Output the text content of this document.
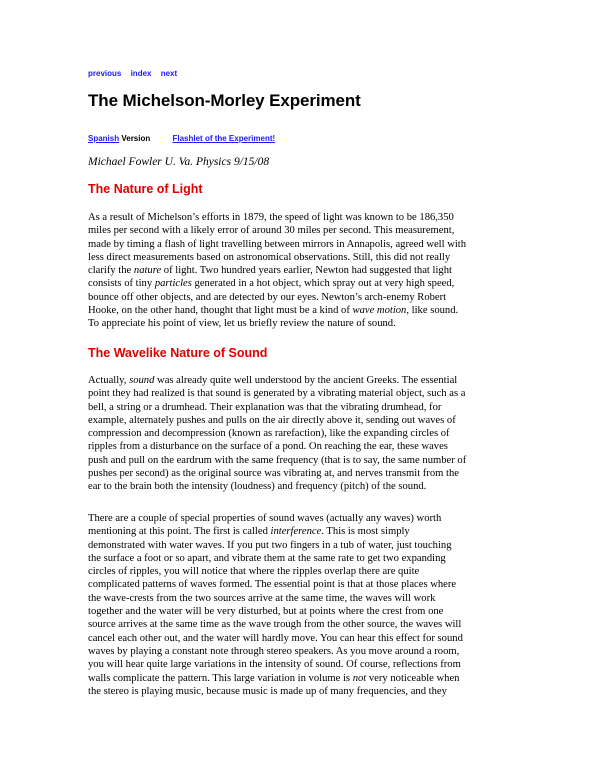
previous index next
The Michelson-Morley Experiment
Spanish Version	Flashlet of the Experiment!
Michael Fowler U. Va. Physics 9/15/08
The Nature of Light
As a result of Michelson’s efforts in 1879, the speed of light was known to be 186,350
miles per second with a likely error of around 30 miles per second. This measurement,
made by timing a flash of light travelling between mirrors in Annapolis, agreed well with
less direct measurements based on astronomical observations. Still, this did not really
clarify the nature of light. Two hundred years earlier, Newton had suggested that light
consists of tiny particles generated in a hot object, which spray out at very high speed,
bounce off other objects, and are detected by our eyes. Newton’s arch-enemy Robert
Hooke, on the other hand, thought that light must be a kind of wave motion, like sound.
To appreciate his point of view, let us briefly review the nature of sound.
The Wavelike Nature of Sound
Actually, sound was already quite well understood by the ancient Greeks. The essential
point they had realized is that sound is generated by a vibrating material object, such as a
bell, a string or a drumhead. Their explanation was that the vibrating drumhead, for
example, alternately pushes and pulls on the air directly above it, sending out waves of
compression and decompression (known as rarefaction), like the expanding circles of
ripples from a disturbance on the surface of a pond. On reaching the ear, these waves
push and pull on the eardrum with the same frequency (that is to say, the same number of
pushes per second) as the original source was vibrating at, and nerves transmit from the
ear to the brain both the intensity (loudness) and frequency (pitch) of the sound.
There are a couple of special properties of sound waves (actually any waves) worth
mentioning at this point. The first is called interference. This is most simply
demonstrated with water waves. If you put two fingers in a tub of water, just touching
the surface a foot or so apart, and vibrate them at the same rate to get two expanding
circles of ripples, you will notice that where the ripples overlap there are quite
complicated patterns of waves formed. The essential point is that at those places where
the wave-crests from the two sources arrive at the same time, the waves will work
together and the water will be very disturbed, but at points where the crest from one
source arrives at the same time as the wave trough from the other source, the waves will
cancel each other out, and the water will hardly move. You can hear this effect for sound
waves by playing a constant note through stereo speakers. As you move around a room,
you will hear quite large variations in the intensity of sound. Of course, reflections from
walls complicate the pattern. This large variation in volume is not very noticeable when
the stereo is playing music, because music is made up of many frequencies, and they
